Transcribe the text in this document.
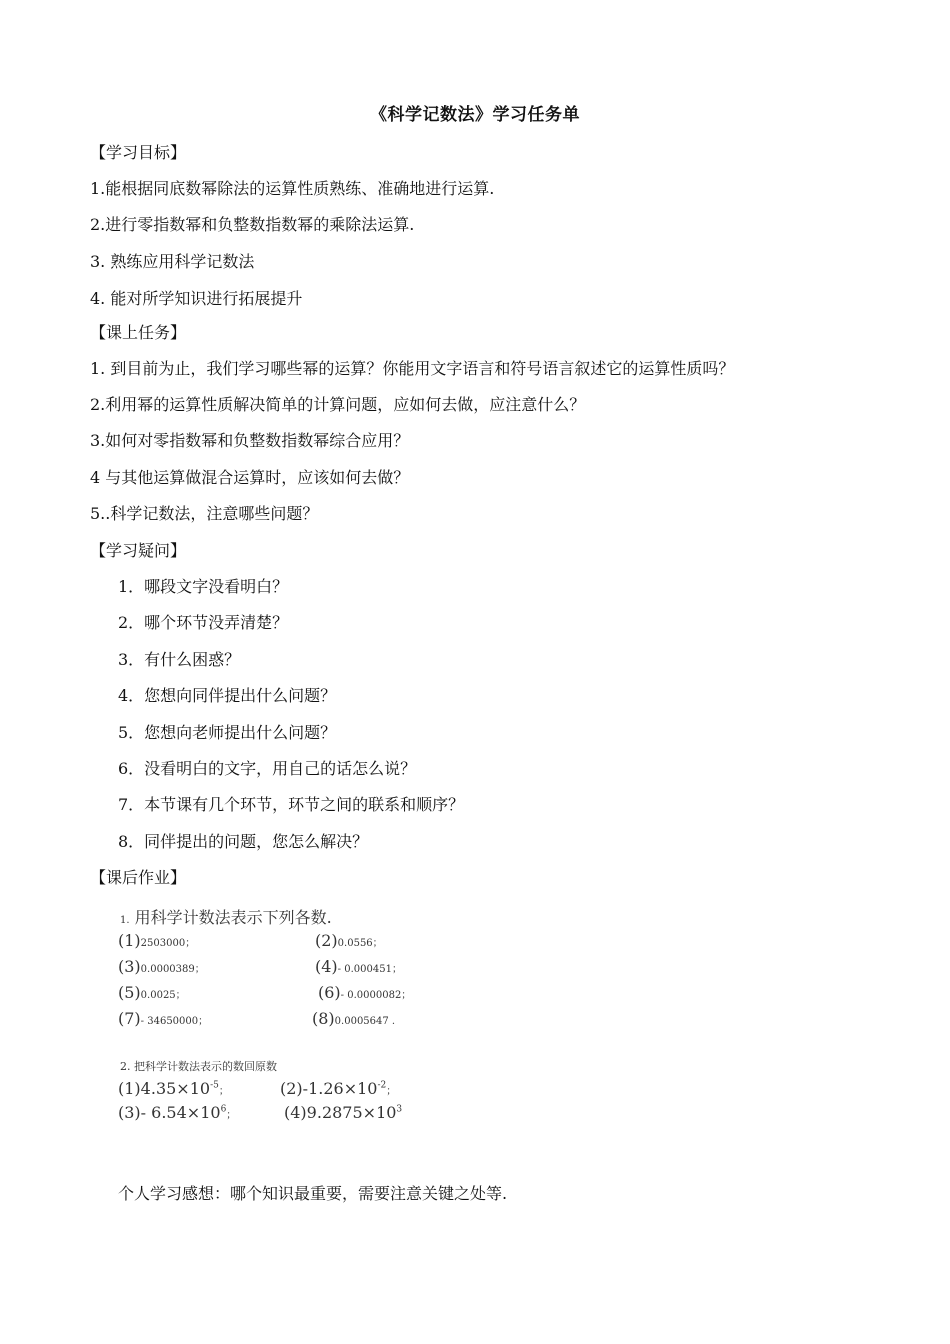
《科学记数法》学习任务单
【学习目标】
1.能根据同底数幂除法的运算性质熟练、准确地进行运算.
2.进行零指数幂和负整数指数幂的乘除法运算.
3. 熟练应用科学记数法
4. 能对所学知识进行拓展提升
【课上任务】
1. 到目前为止，我们学习哪些幂的运算？你能用文字语言和符号语言叙述它的运算性质吗？
2.利用幂的运算性质解决简单的计算问题，应如何去做，应注意什么？
3.如何对零指数幂和负整数指数幂综合应用？
4 与其他运算做混合运算时，应该如何去做？
5..科学记数法，注意哪些问题？
【学习疑问】
1．哪段文字没看明白？
2．哪个环节没弄清楚？
3．有什么困惑？
4．您想向同伴提出什么问题？
5．您想向老师提出什么问题？
6．没看明白的文字，用自己的话怎么说？
7．本节课有几个环节，环节之间的联系和顺序？
8．同伴提出的问题，您怎么解决？
【课后作业】
1. 用科学计数法表示下列各数.
(1)2503000；	(2)0.0556；
(3)0.0000389；	(4)- 0.000451；
(5)0.0025；	(6)- 0.0000082；
(7)- 34650000；	(8)0.0005647 .
2. 把科学计数法表示的数回原数
$(1)4.35\times 10^{-5}$；	$(2)-1.26\times 10^{-2}$；
(3)- $6.54\times 10^6$；	$(4)9.2875\times 10^3$
个人学习感想：哪个知识最重要，需要注意关键之处等.
